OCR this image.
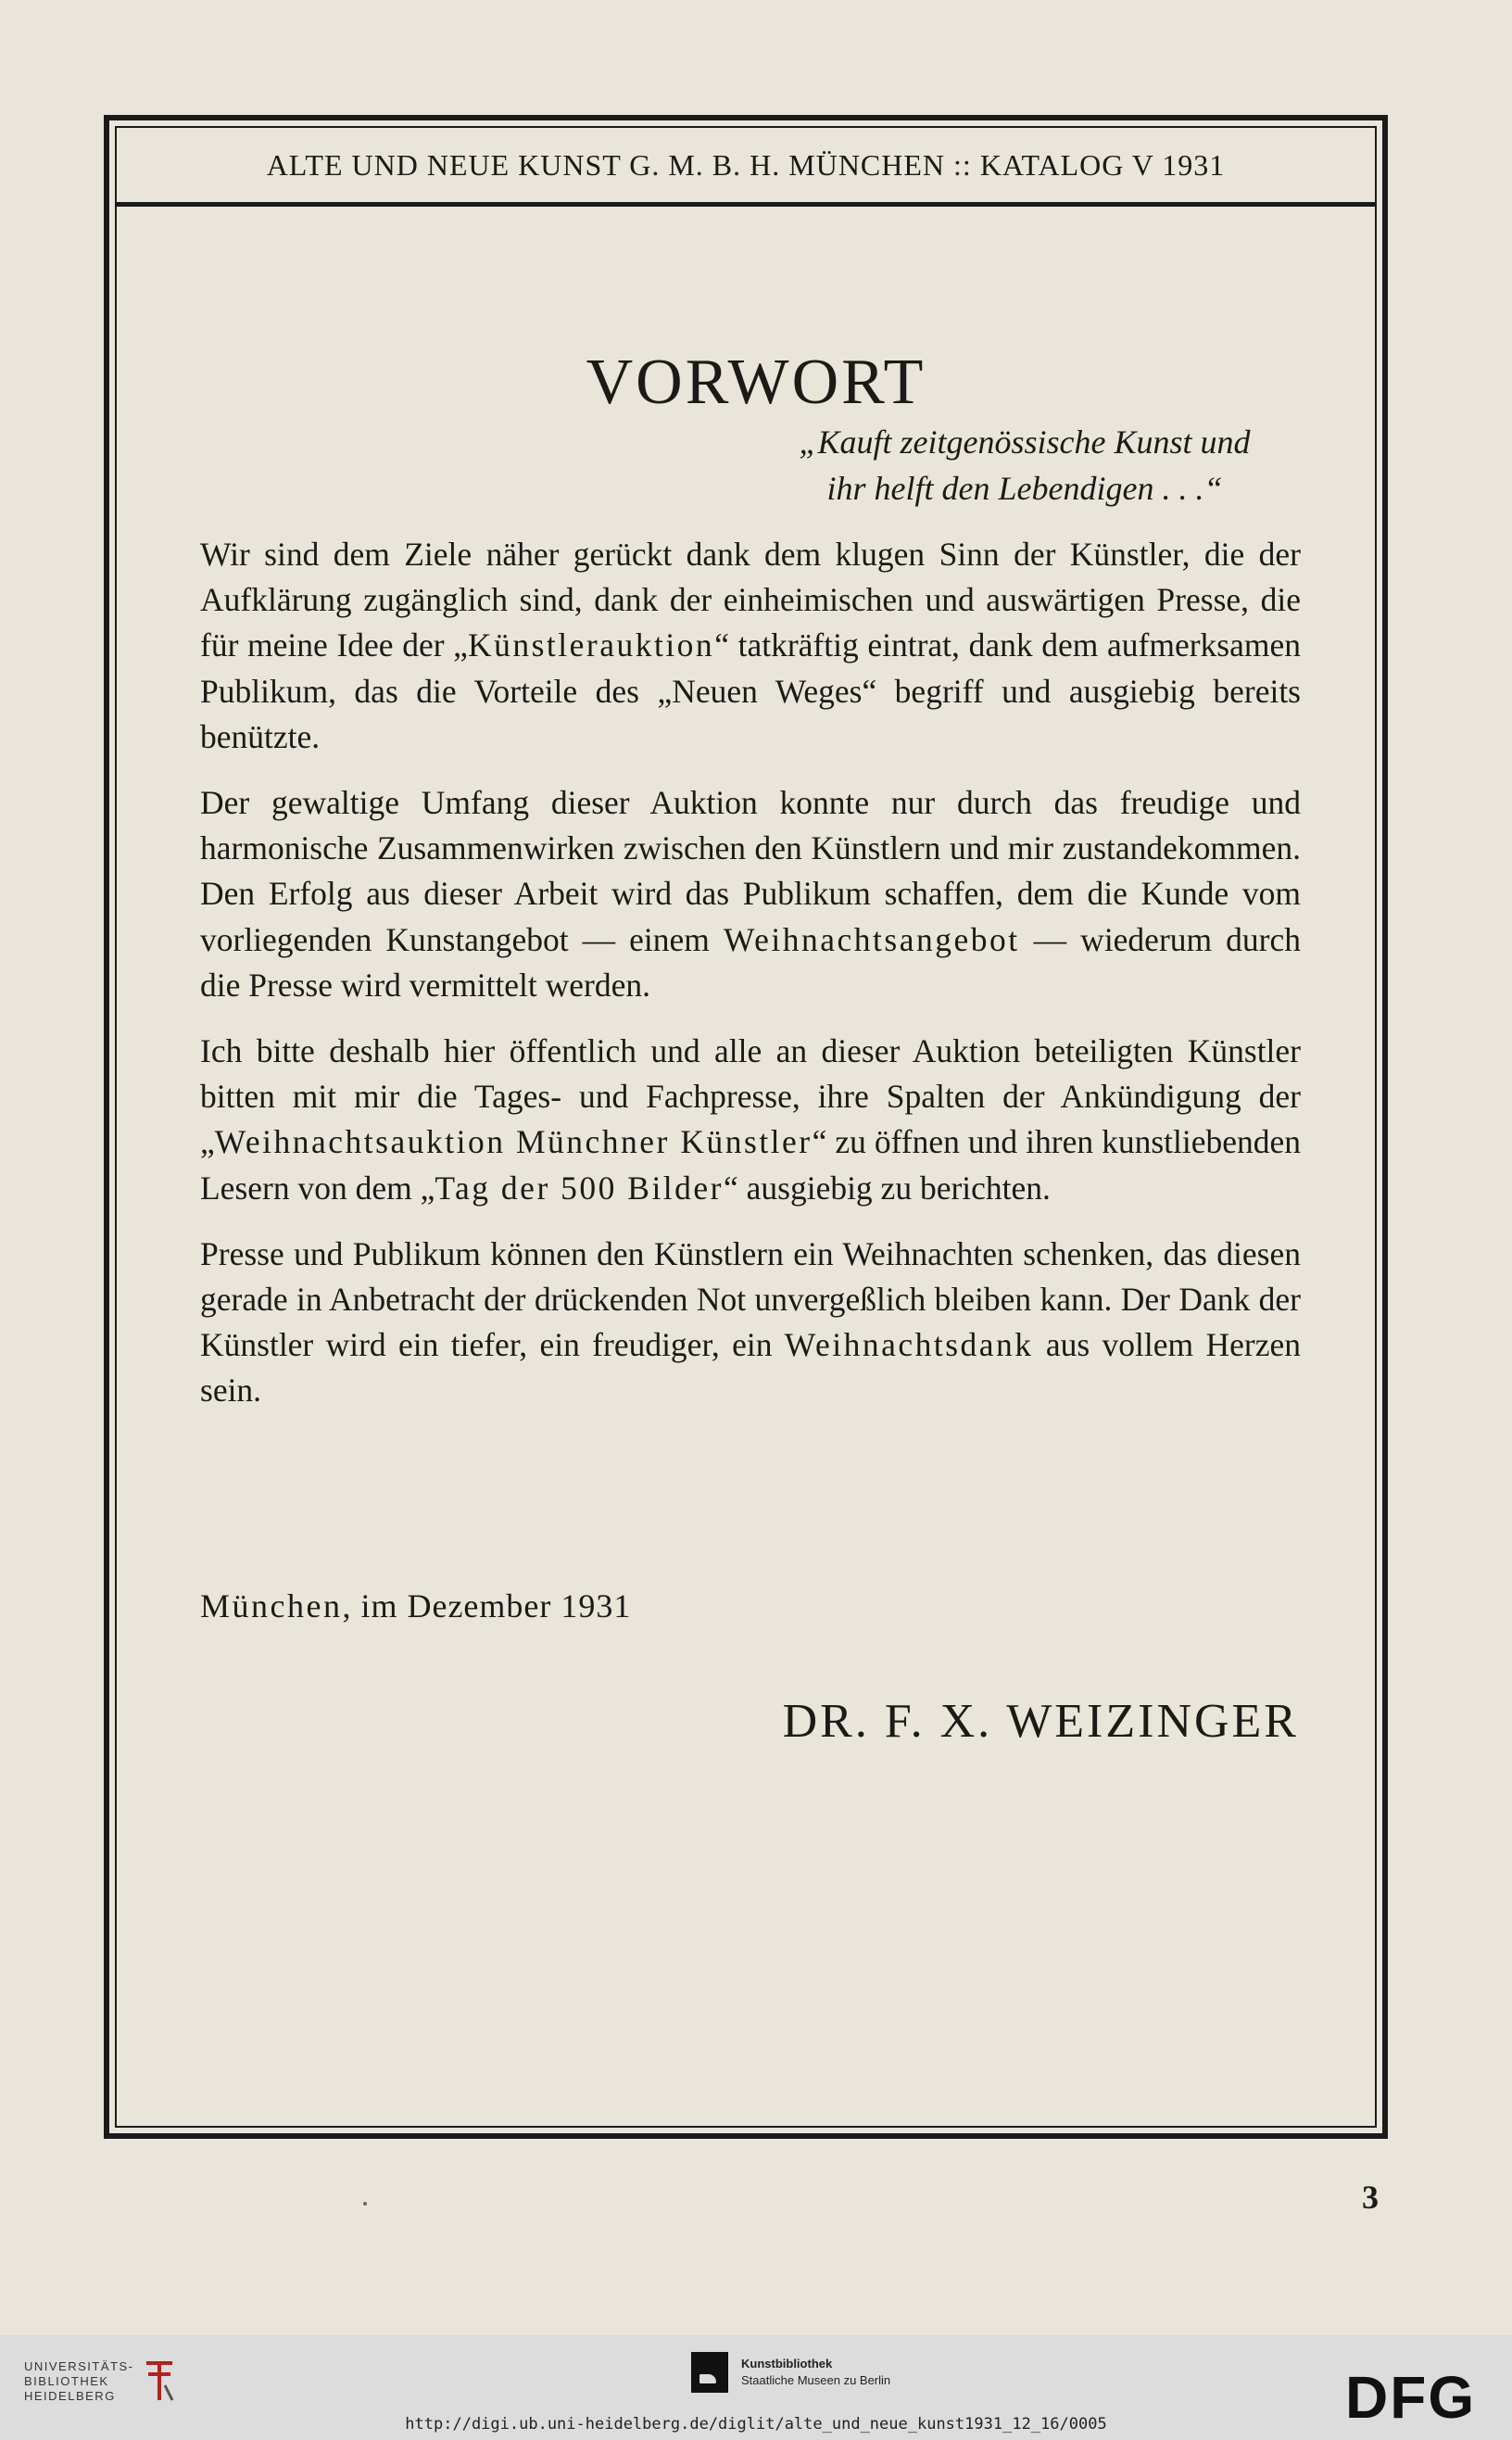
ALTE UND NEUE KUNST G. M. B. H. MÜNCHEN :: KATALOG V 1931
VORWORT
„Kauft zeitgenössische Kunst und
ihr helft den Lebendigen . . .“

Wir sind dem Ziele näher gerückt dank dem klugen Sinn der Künstler, die der Aufklärung zugänglich sind, dank der einheimischen und auswärtigen Presse, die für meine Idee der „Künstlerauktion“ tatkräftig eintrat, dank dem aufmerksamen Publikum, das die Vorteile des „Neuen Weges“ begriff und ausgiebig bereits benützte.

Der gewaltige Umfang dieser Auktion konnte nur durch das freudige und harmonische Zusammenwirken zwischen den Künstlern und mir zustandekommen. Den Erfolg aus dieser Arbeit wird das Publikum schaffen, dem die Kunde vom vorliegenden Kunstangebot — einem Weihnachtsangebot — wiederum durch die Presse wird vermittelt werden.

Ich bitte deshalb hier öffentlich und alle an dieser Auktion beteiligten Künstler bitten mit mir die Tages- und Fachpresse, ihre Spalten der Ankündigung der „Weihnachtsauktion Münchner Künstler“ zu öffnen und ihren kunstliebenden Lesern von dem „Tag der 500 Bilder“ ausgiebig zu berichten.

Presse und Publikum können den Künstlern ein Weihnachten schenken, das diesen gerade in Anbetracht der drückenden Not unvergeßlich bleiben kann. Der Dank der Künstler wird ein tiefer, ein freudiger, ein Weihnachtsdank aus vollem Herzen sein.

München, im Dezember 1931
DR. F. X. WEIZINGER
3
UNIVERSITÄTS-
BIBLIOTHEK
HEIDELBERG
Kunstbibliothek
Staatliche Museen zu Berlin	DFG
http://digi.ub.uni-heidelberg.de/diglit/alte_und_neue_kunst1931_12_16/0005
